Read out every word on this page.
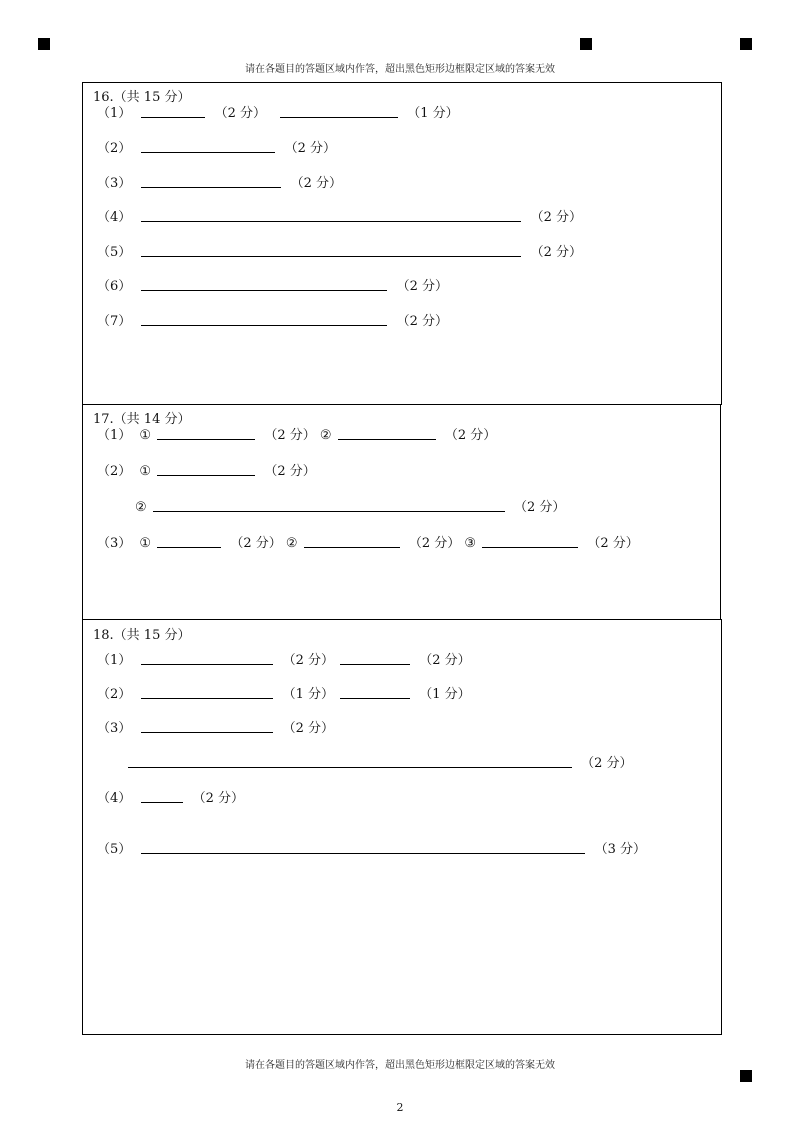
请在各题目的答题区域内作答，超出黑色矩形边框限定区域的答案无效
16.（共 15 分）
（1）	（2 分）	（1 分）
（2）	（2 分）
（3）	（2 分）
（4）	（2 分）
（5）	（2 分）
（6）	（2 分）
（7）	（2 分）
17.（共 14 分）
（1） ①	（2 分） ②	（2 分）
（2） ①	（2 分）
②	（2 分）
（3） ①	（2 分） ②	（2 分） ③	（2 分）
18.（共 15 分）
（1）	（2 分）	（2 分）
（2）	（1 分）	（1 分）
（3）	（2 分）
（2 分）
（4）	（2 分）
（5）	（3 分）
请在各题目的答题区域内作答，超出黑色矩形边框限定区域的答案无效
2
